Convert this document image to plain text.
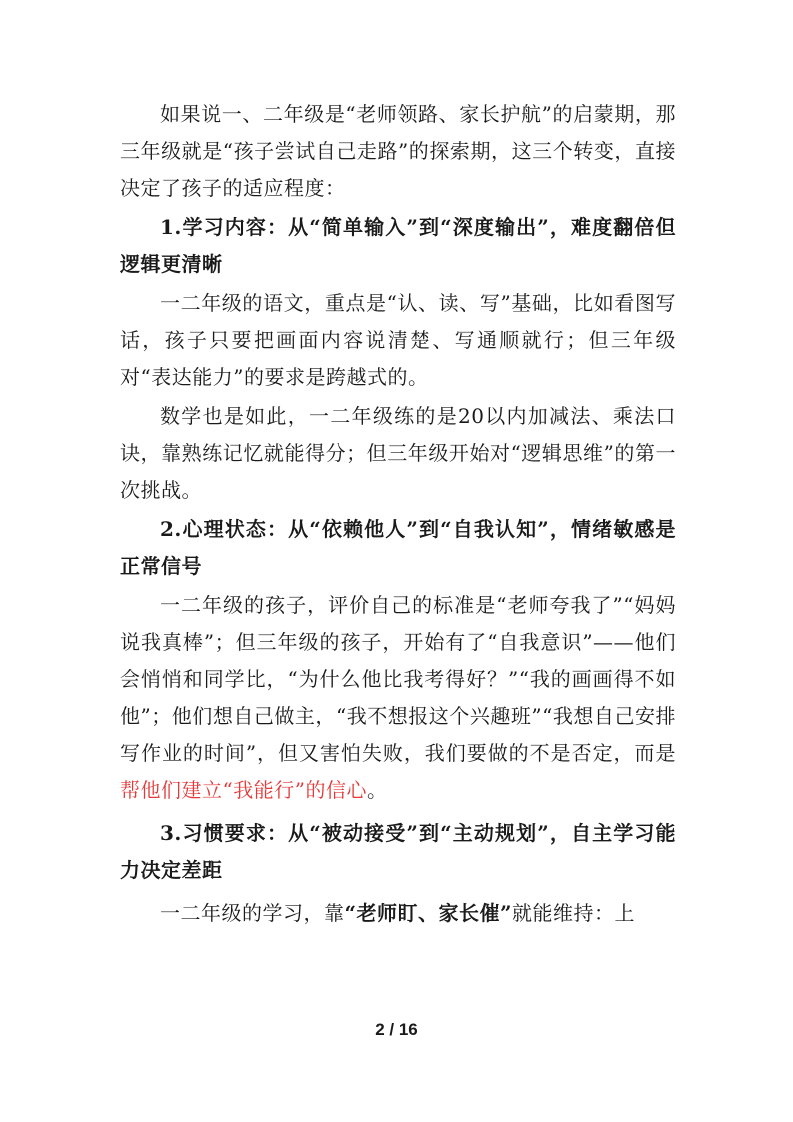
如果说一、二年级是“老师领路、家长护航”的启蒙期，那三年级就是“孩子尝试自己走路”的探索期，这三个转变，直接决定了孩子的适应程度：

1.学习内容：从“简单输入”到“深度输出”，难度翻倍但逻辑更清晰

一二年级的语文，重点是“认、读、写”基础，比如看图写话，孩子只要把画面内容说清楚、写通顺就行；但三年级对“表达能力”的要求是跨越式的。

数学也是如此，一二年级练的是20以内加减法、乘法口诀，靠熟练记忆就能得分；但三年级开始对“逻辑思维”的第一次挑战。

2.心理状态：从“依赖他人”到“自我认知”，情绪敏感是正常信号

一二年级的孩子，评价自己的标准是“老师夸我了”“妈妈说我真棒”；但三年级的孩子，开始有了“自我意识”——他们会悄悄和同学比，“为什么他比我考得好？”“我的画画得不如他”；他们想自己做主，“我不想报这个兴趣班”“我想自己安排写作业的时间”，但又害怕失败，我们要做的不是否定，而是帮他们建立“我能行”的信心。

3.习惯要求：从“被动接受”到“主动规划”，自主学习能力决定差距

一二年级的学习，靠“老师盯、家长催”就能维持：上

2 / 16
